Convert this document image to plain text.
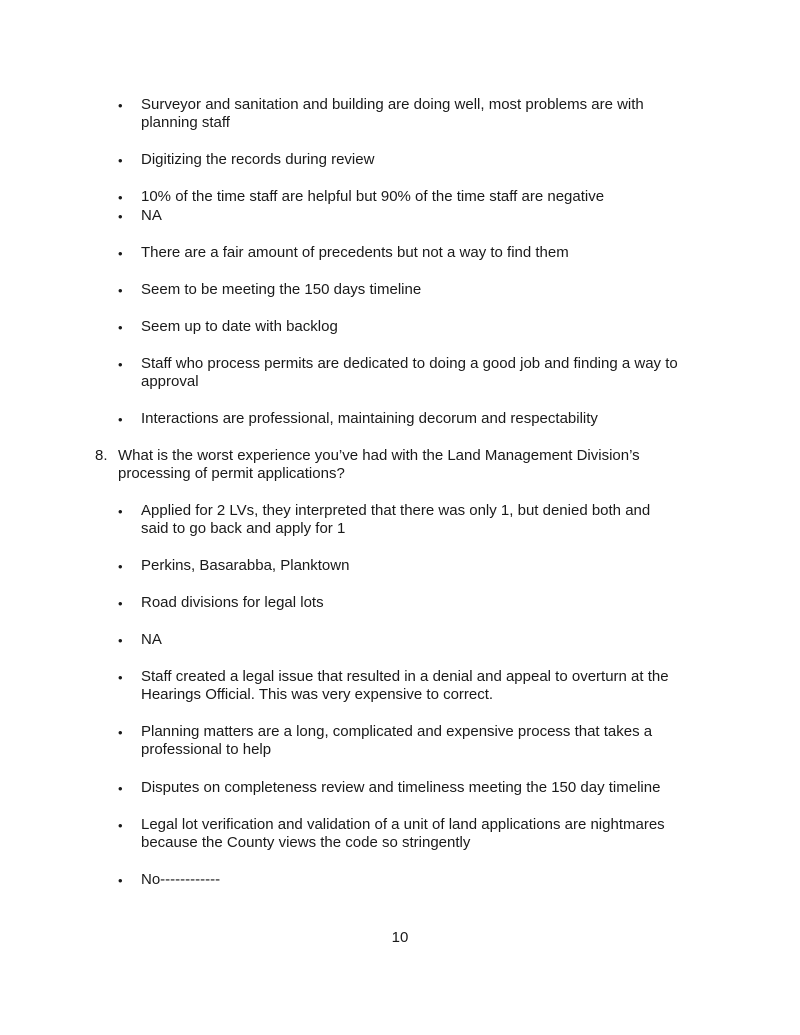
• Surveyor and sanitation and building are doing well, most problems are with
planning staff
• Digitizing the records during review
• 10% of the time staff are helpful but 90% of the time staff are negative
• NA
• There are a fair amount of precedents but not a way to find them
• Seem to be meeting the 150 days timeline
• Seem up to date with backlog
• Staff who process permits are dedicated to doing a good job and finding a way to
approval
• Interactions are professional, maintaining decorum and respectability
8. What is the worst experience you’ve had with the Land Management Division’s
processing of permit applications?
• Applied for 2 LVs, they interpreted that there was only 1, but denied both and
said to go back and apply for 1
• Perkins, Basarabba, Planktown
• Road divisions for legal lots
• NA
• Staff created a legal issue that resulted in a denial and appeal to overturn at the
Hearings Official. This was very expensive to correct.
• Planning matters are a long, complicated and expensive process that takes a
professional to help
• Disputes on completeness review and timeliness meeting the 150 day timeline
• Legal lot verification and validation of a unit of land applications are nightmares
because the County views the code so stringently
• No------------
10
